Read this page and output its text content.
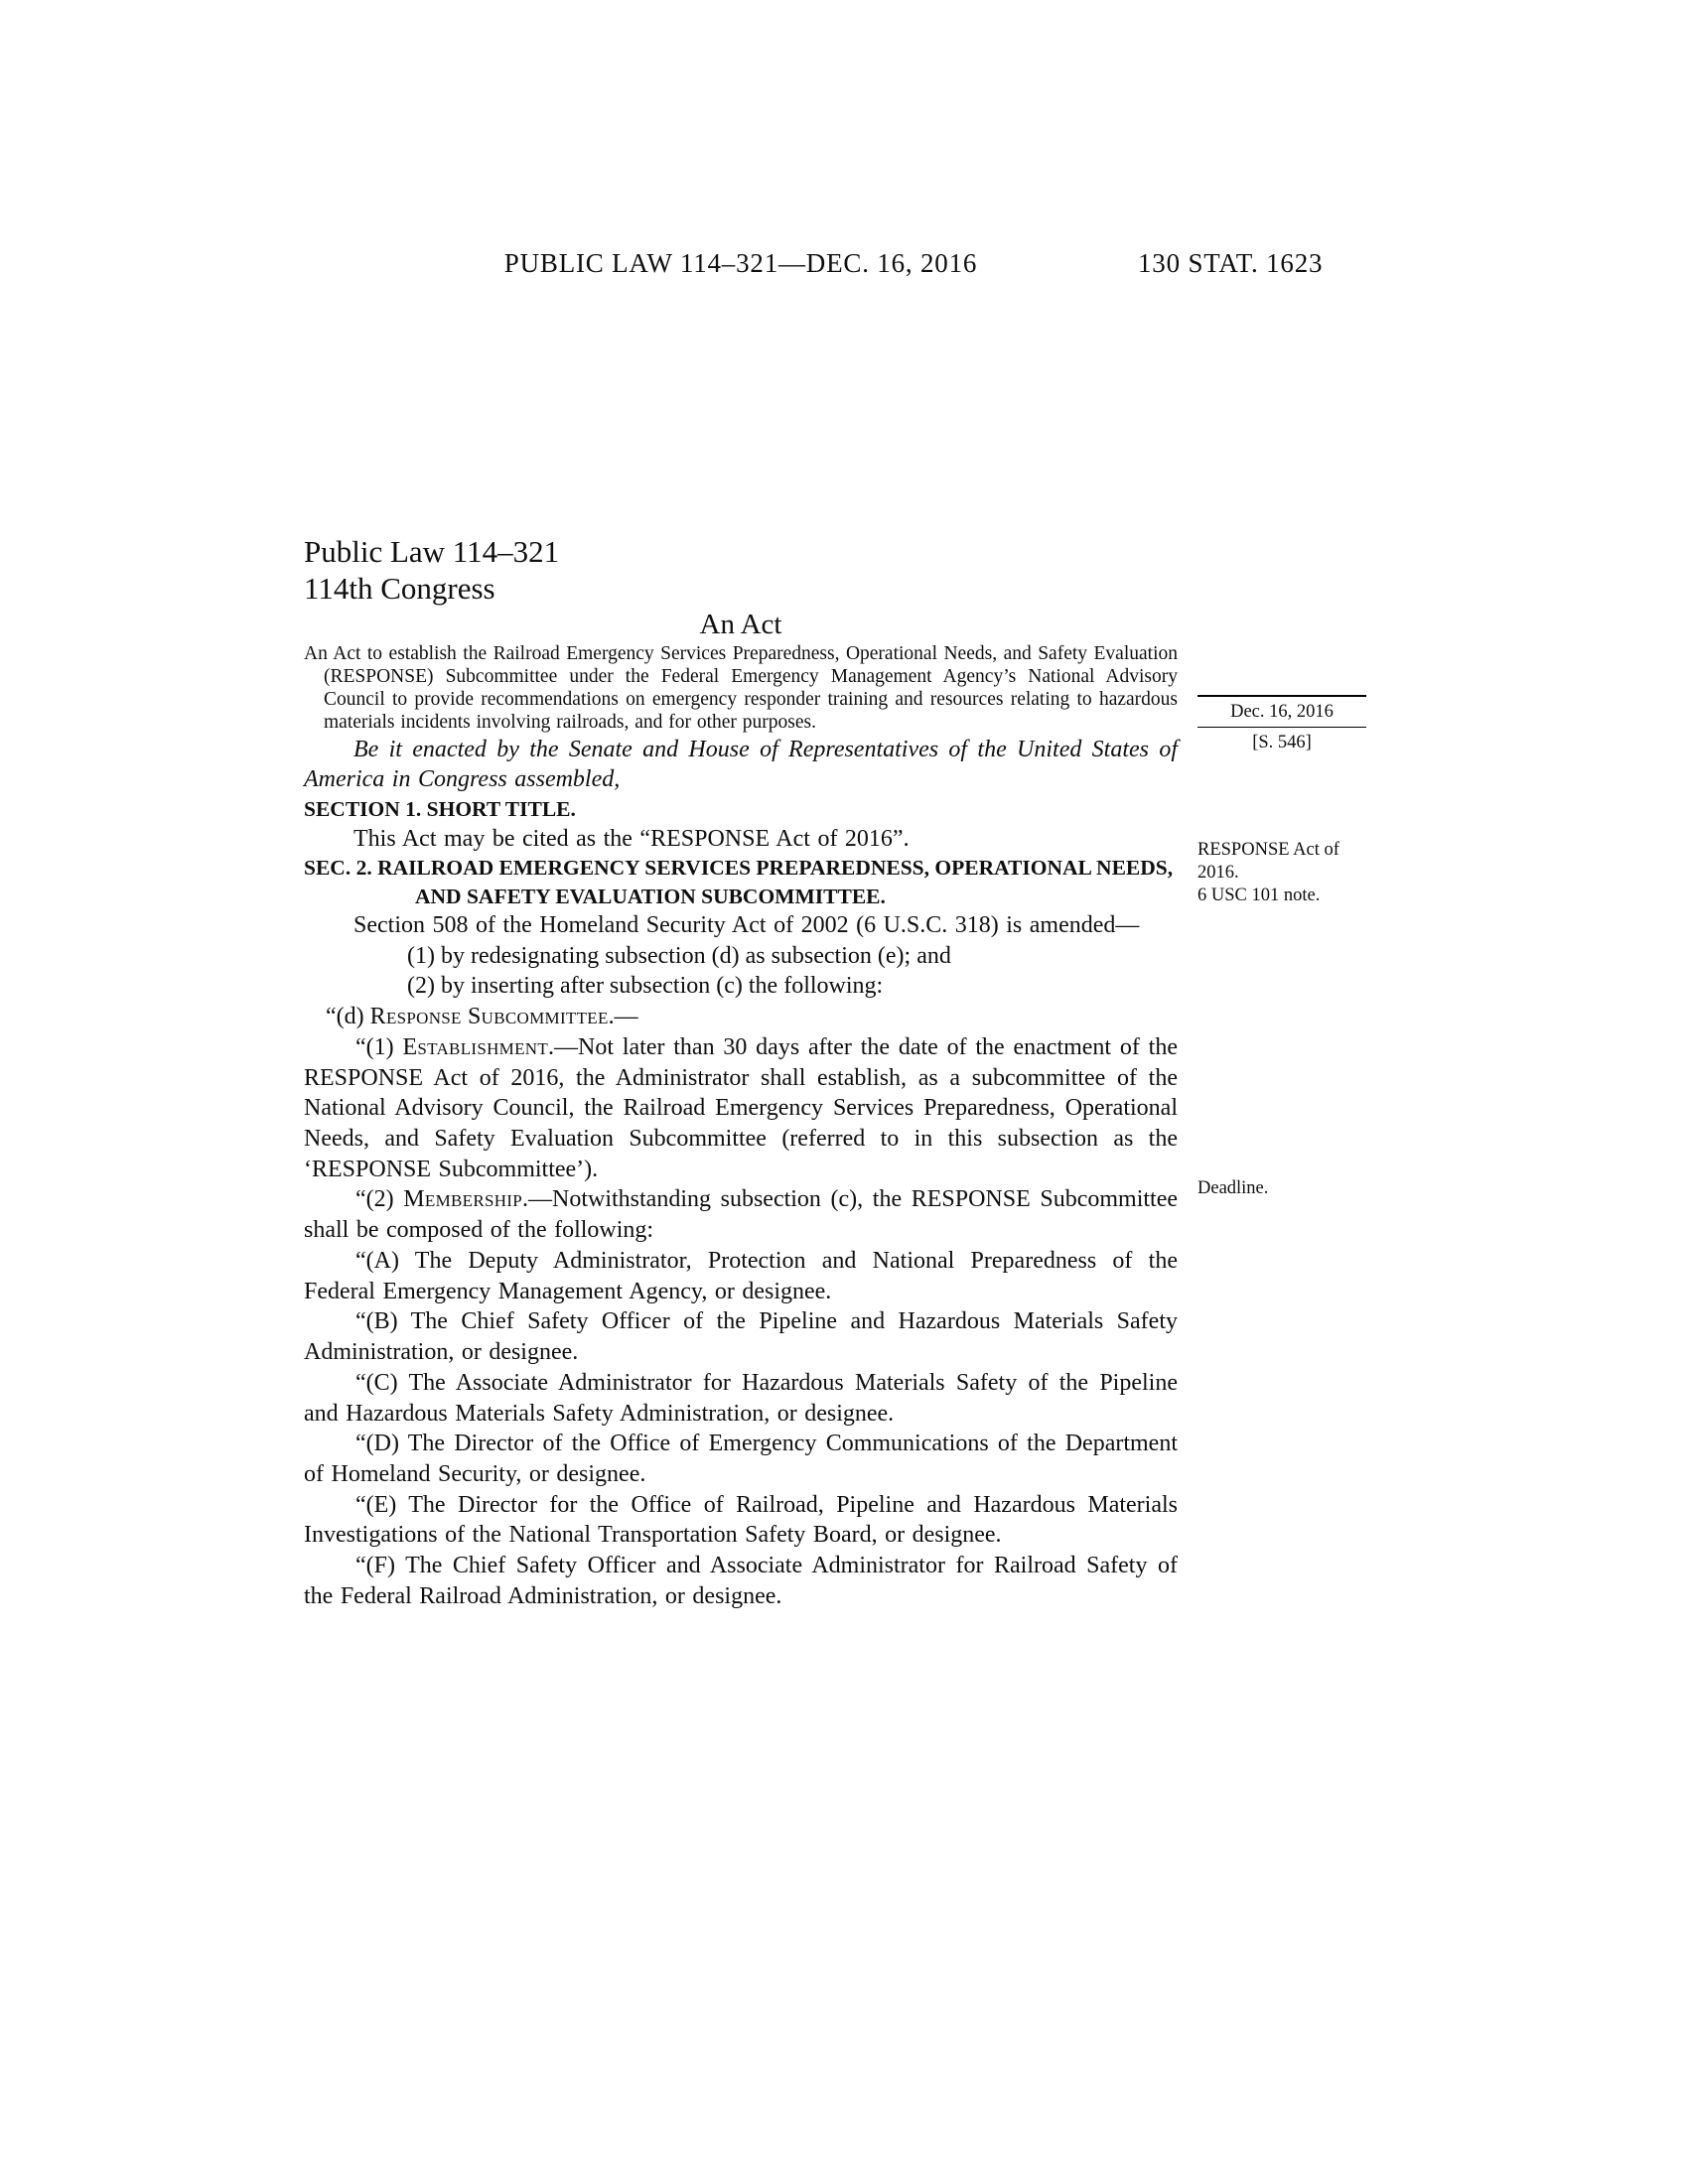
PUBLIC LAW 114–321—DEC. 16, 2016	130 STAT. 1623

Public Law 114–321

114th Congress

An Act

An Act to establish the Railroad Emergency Services Preparedness, Operational Needs, and Safety Evaluation (RESPONSE) Subcommittee under the Federal Emergency Management Agency’s National Advisory Council to provide recommendations on emergency responder training and resources relating to hazardous materials incidents involving railroads, and for other purposes.

Be it enacted by the Senate and House of Representatives of the United States of America in Congress assembled,

SECTION 1. SHORT TITLE.

This Act may be cited as the “RESPONSE Act of 2016”.

SEC. 2. RAILROAD EMERGENCY SERVICES PREPAREDNESS, OPERATIONAL NEEDS, AND SAFETY EVALUATION SUBCOMMITTEE.

Section 508 of the Homeland Security Act of 2002 (6 U.S.C. 318) is amended—

(1) by redesignating subsection (d) as subsection (e); and

(2) by inserting after subsection (c) the following:

“(d) Response Subcommittee.—

“(1) Establishment.—Not later than 30 days after the date of the enactment of the RESPONSE Act of 2016, the Administrator shall establish, as a subcommittee of the National Advisory Council, the Railroad Emergency Services Preparedness, Operational Needs, and Safety Evaluation Subcommittee (referred to in this subsection as the ‘RESPONSE Subcommittee’).

“(2) Membership.—Notwithstanding subsection (c), the RESPONSE Subcommittee shall be composed of the following:

“(A) The Deputy Administrator, Protection and National Preparedness of the Federal Emergency Management Agency, or designee.

“(B) The Chief Safety Officer of the Pipeline and Hazardous Materials Safety Administration, or designee.

“(C) The Associate Administrator for Hazardous Materials Safety of the Pipeline and Hazardous Materials Safety Administration, or designee.

“(D) The Director of the Office of Emergency Communications of the Department of Homeland Security, or designee.

“(E) The Director for the Office of Railroad, Pipeline and Hazardous Materials Investigations of the National Transportation Safety Board, or designee.

“(F) The Chief Safety Officer and Associate Administrator for Railroad Safety of the Federal Railroad Administration, or designee.

Dec. 16, 2016
[S. 546]
RESPONSE Act of 2016.
6 USC 101 note.
Deadline.
